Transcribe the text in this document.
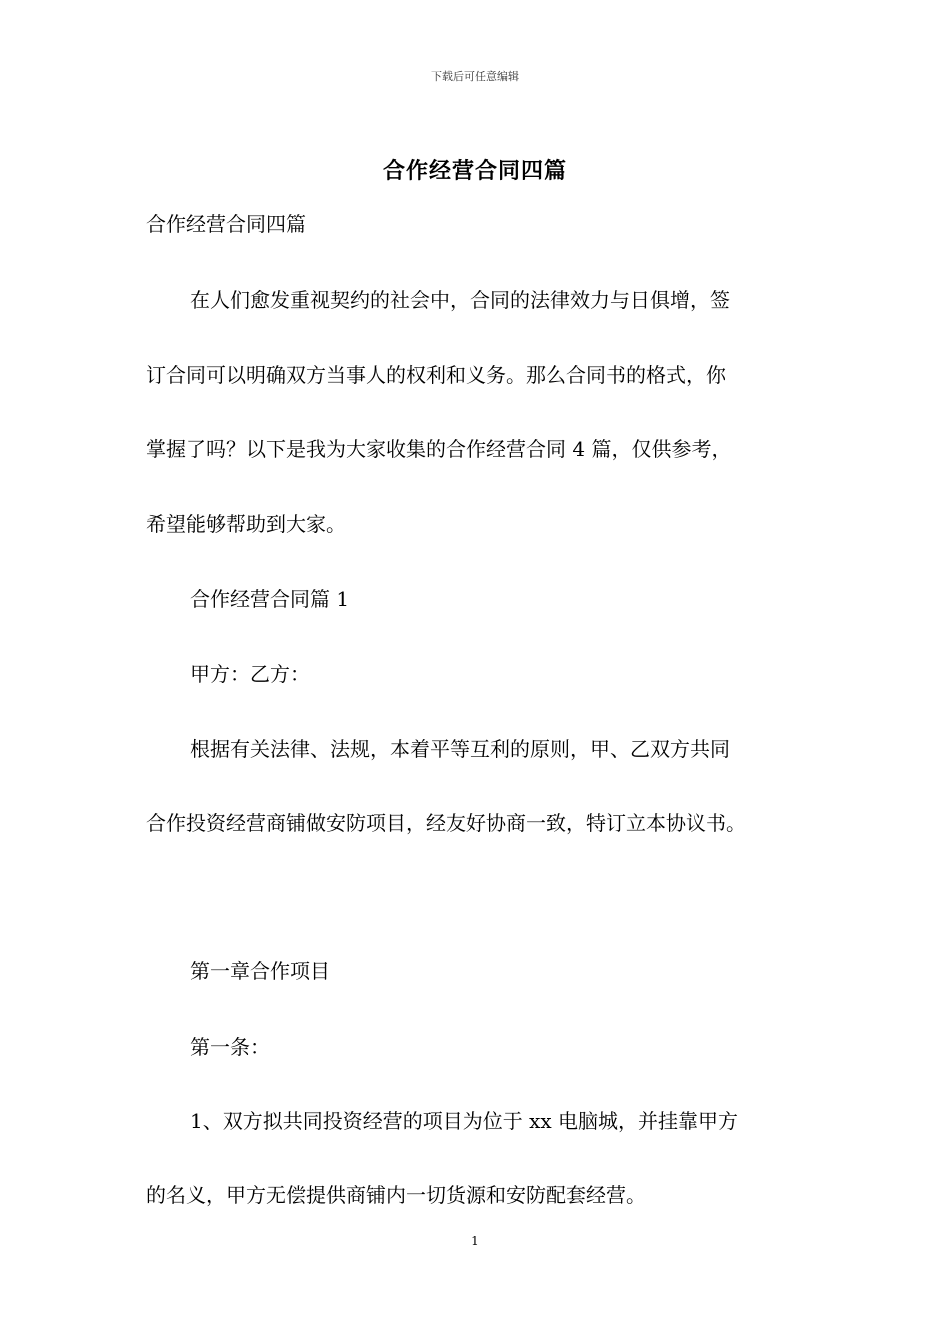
下载后可任意编辑
合作经营合同四篇
合作经营合同四篇
在人们愈发重视契约的社会中，合同的法律效力与日俱增，签
订合同可以明确双方当事人的权利和义务。那么合同书的格式，你
掌握了吗？以下是我为大家收集的合作经营合同 4 篇，仅供参考，
希望能够帮助到大家。
合作经营合同篇 1
甲方：乙方：
根据有关法律、法规，本着平等互利的原则，甲、乙双方共同
合作投资经营商铺做安防项目，经友好协商一致，特订立本协议书。
第一章合作项目
第一条：
1、双方拟共同投资经营的项目为位于 xx 电脑城，并挂靠甲方
的名义，甲方无偿提供商铺内一切货源和安防配套经营。
1
